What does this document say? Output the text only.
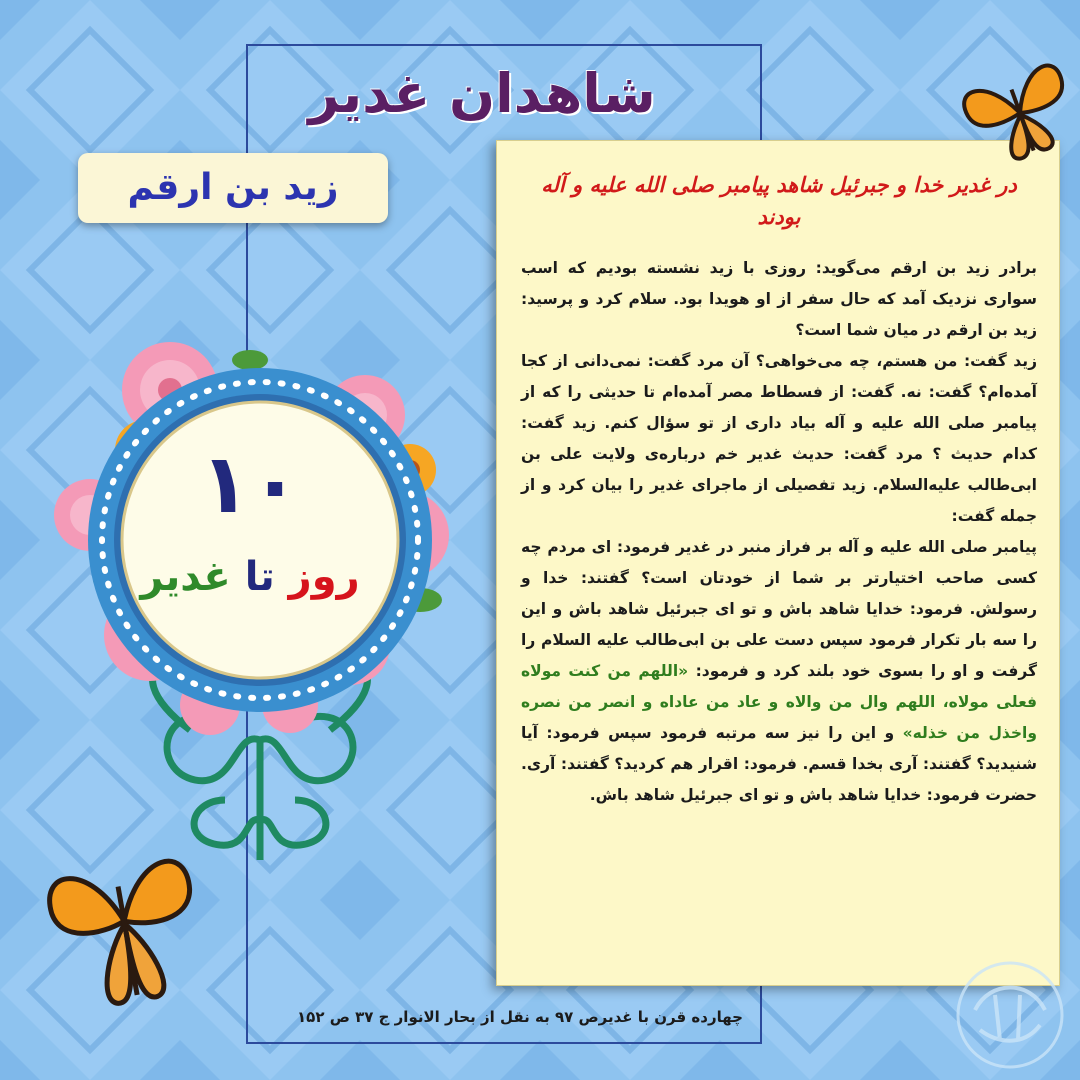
شاهدان غدیر
زید بن ارقم
۱۰
روز تا غدیر
در غدیر خدا و جبرئیل شاهد پیامبر صلی الله علیه و آله بودند

برادر زید بن ارقم می‌گوید: روزی با زید نشسته بودیم که اسب سواری نزدیک آمد که حال سفر از او هویدا بود. سلام کرد و پرسید: زید بن ارقم در میان شما است؟

زید گفت: من هستم، چه می‌خواهی؟ آن مرد گفت: نمی‌دانی از کجا آمده‌ام؟ گفت: نه. گفت: از فسطاط مصر آمده‌ام تا حدیثی را که از پیامبر صلی الله علیه و آله بیاد داری از تو سؤال کنم. زید گفت: کدام حدیث ؟ مرد گفت: حدیث غدیر خم درباره‌ی ولایت علی بن ابی‌طالب علیه‌السلام. زید تفصیلی از ماجرای غدیر را بیان کرد و از جمله گفت:

پیامبر صلی الله علیه و آله بر فراز منبر در غدیر فرمود: ای مردم چه کسی صاحب اختیارتر بر شما از خودتان است؟ گفتند: خدا و رسولش. فرمود: خدایا شاهد باش و تو ای جبرئیل شاهد باش و این را سه بار تکرار فرمود سپس دست علی بن ابی‌طالب علیه السلام را گرفت و او را بسوی خود بلند کرد و فرمود: «اللهم من کنت مولاه فعلی مولاه، اللهم وال من والاه و عاد من عاداه و انصر من نصره واخذل من خذله» و این را نیز سه مرتبه فرمود سپس فرمود: آیا شنیدید؟ گفتند: آری بخدا قسم. فرمود: اقرار هم کردید؟ گفتند: آری. حضرت فرمود: خدایا شاهد باش و تو ای جبرئیل شاهد باش.

چهارده قرن با غدیرص ۹۷ به نقل از بحار الانوار ج ۳۷ ص ۱۵۲
